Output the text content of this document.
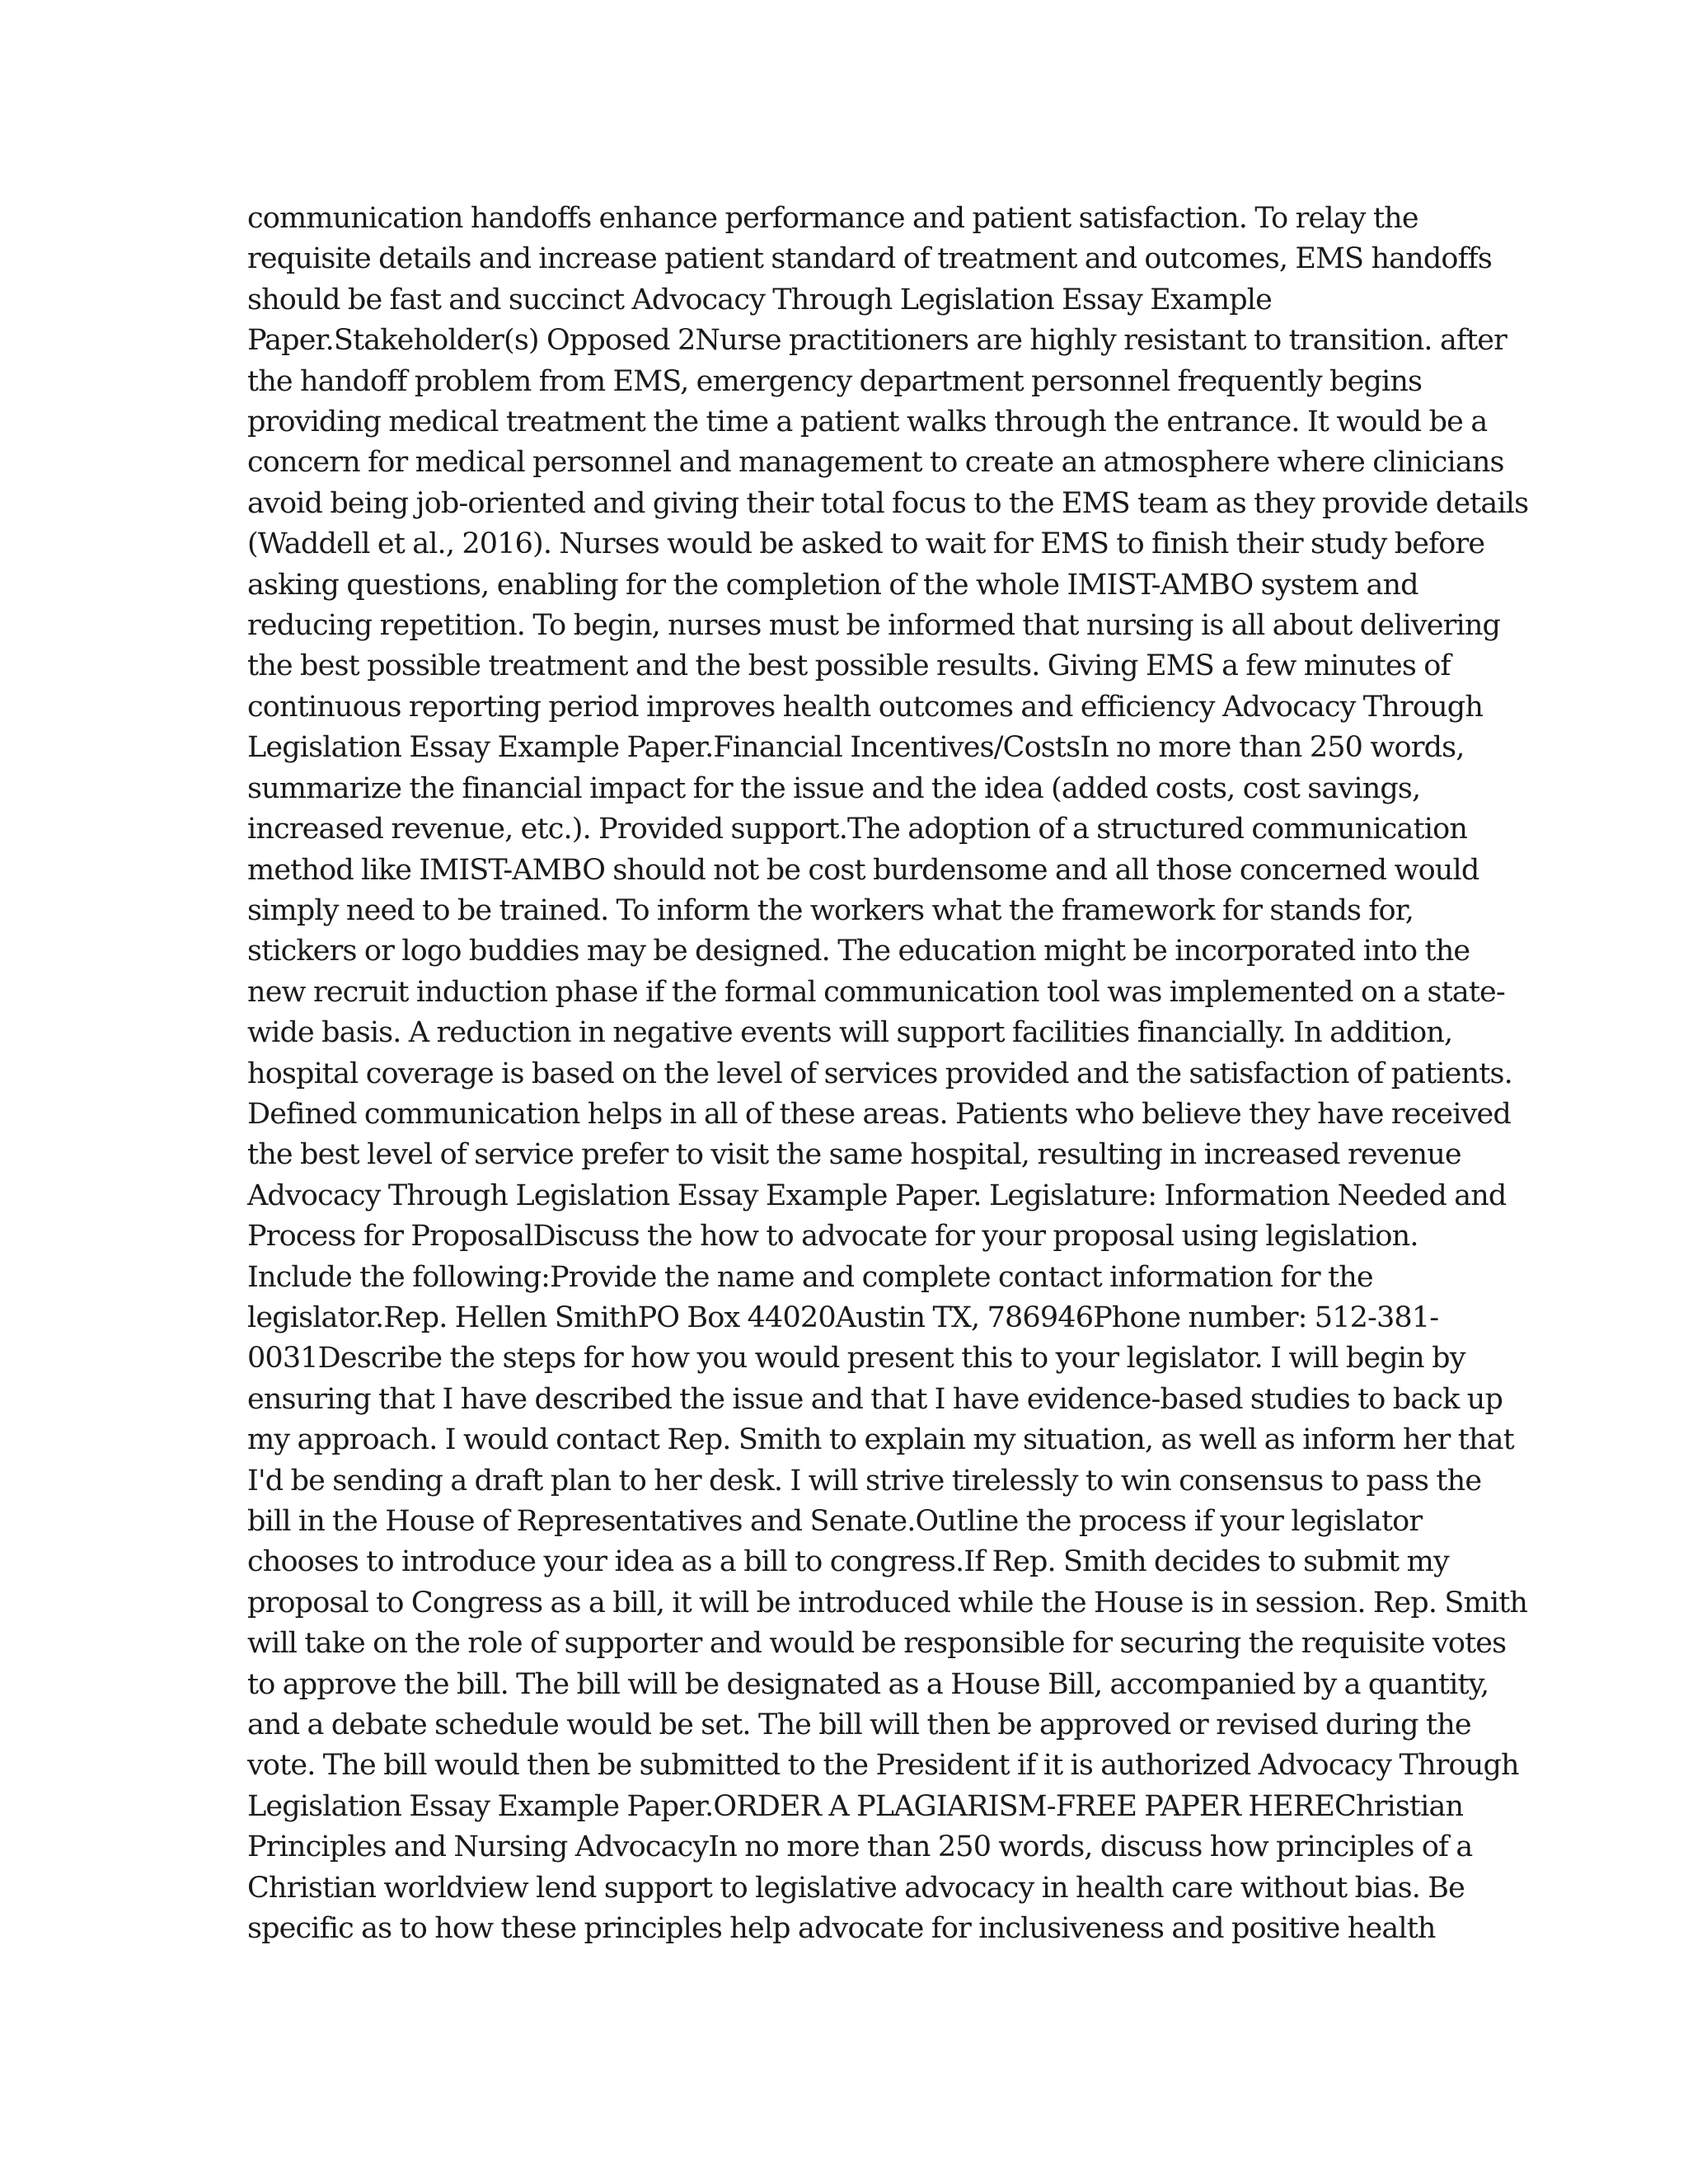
communication handoffs enhance performance and patient satisfaction. To relay the
requisite details and increase patient standard of treatment and outcomes, EMS handoffs
should be fast and succinct Advocacy Through Legislation Essay Example
Paper.Stakeholder(s) Opposed 2Nurse practitioners are highly resistant to transition. after
the handoff problem from EMS, emergency department personnel frequently begins
providing medical treatment the time a patient walks through the entrance. It would be a
concern for medical personnel and management to create an atmosphere where clinicians
avoid being job-oriented and giving their total focus to the EMS team as they provide details
(Waddell et al., 2016). Nurses would be asked to wait for EMS to finish their study before
asking questions, enabling for the completion of the whole IMIST-AMBO system and
reducing repetition. To begin, nurses must be informed that nursing is all about delivering
the best possible treatment and the best possible results. Giving EMS a few minutes of
continuous reporting period improves health outcomes and efficiency Advocacy Through
Legislation Essay Example Paper.Financial Incentives/CostsIn no more than 250 words,
summarize the financial impact for the issue and the idea (added costs, cost savings,
increased revenue, etc.). Provided support.The adoption of a structured communication
method like IMIST-AMBO should not be cost burdensome and all those concerned would
simply need to be trained. To inform the workers what the framework for stands for,
stickers or logo buddies may be designed. The education might be incorporated into the
new recruit induction phase if the formal communication tool was implemented on a state-
wide basis. A reduction in negative events will support facilities financially. In addition,
hospital coverage is based on the level of services provided and the satisfaction of patients.
Defined communication helps in all of these areas. Patients who believe they have received
the best level of service prefer to visit the same hospital, resulting in increased revenue
Advocacy Through Legislation Essay Example Paper. Legislature: Information Needed and
Process for ProposalDiscuss the how to advocate for your proposal using legislation.
Include the following:Provide the name and complete contact information for the
legislator.Rep. Hellen SmithPO Box 44020Austin TX, 786946Phone number: 512-381-
0031Describe the steps for how you would present this to your legislator. I will begin by
ensuring that I have described the issue and that I have evidence-based studies to back up
my approach. I would contact Rep. Smith to explain my situation, as well as inform her that
I'd be sending a draft plan to her desk. I will strive tirelessly to win consensus to pass the
bill in the House of Representatives and Senate.Outline the process if your legislator
chooses to introduce your idea as a bill to congress.If Rep. Smith decides to submit my
proposal to Congress as a bill, it will be introduced while the House is in session. Rep. Smith
will take on the role of supporter and would be responsible for securing the requisite votes
to approve the bill. The bill will be designated as a House Bill, accompanied by a quantity,
and a debate schedule would be set. The bill will then be approved or revised during the
vote. The bill would then be submitted to the President if it is authorized Advocacy Through
Legislation Essay Example Paper.ORDER A PLAGIARISM-FREE PAPER HEREChristian
Principles and Nursing AdvocacyIn no more than 250 words, discuss how principles of a
Christian worldview lend support to legislative advocacy in health care without bias. Be
specific as to how these principles help advocate for inclusiveness and positive health
